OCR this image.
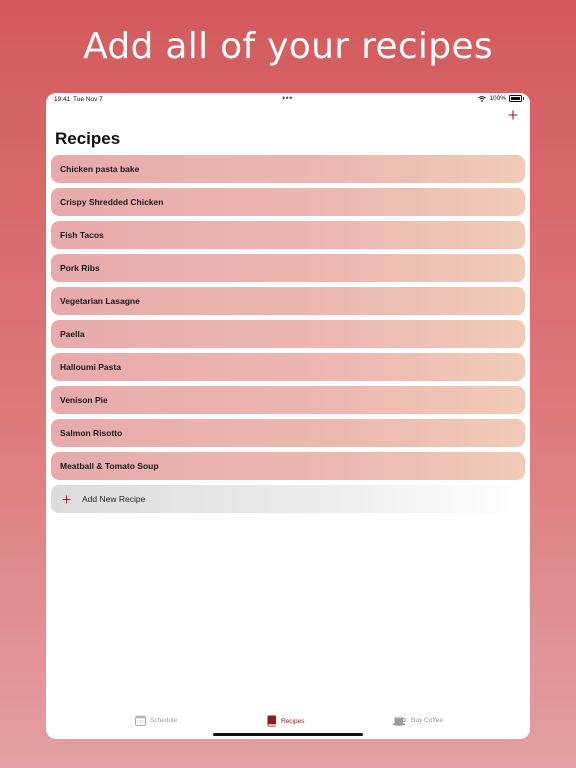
Add all of your recipes
19:41 Tue Nov 7	•••	100%
Recipes
Chicken pasta bake
Crispy Shredded Chicken
Fish Tacos
Pork Ribs
Vegetarian Lasagne
Paella
Halloumi Pasta
Venison Pie
Salmon Risotto
Meatball & Tomato Soup
Add New Recipe
Schedule	Recipes	Buy Coffee
